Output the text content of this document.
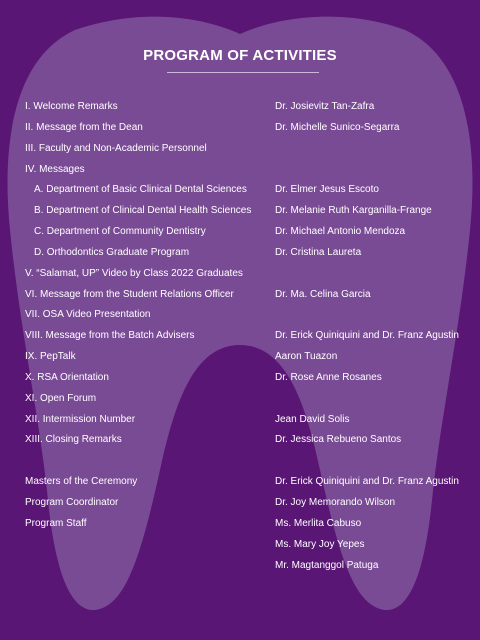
PROGRAM OF ACTIVITIES
I. Welcome Remarks	Dr. Josievitz Tan-Zafra
II. Message from the Dean	Dr. Michelle Sunico-Segarra
III. Faculty and Non-Academic Personnel
IV. Messages
A. Department of Basic Clinical Dental Sciences	Dr. Elmer Jesus Escoto
B. Department of Clinical Dental Health Sciences Dr. Melanie Ruth Karganilla-Frange
C. Department of Community Dentistry	Dr. Michael Antonio Mendoza
D. Orthodontics Graduate Program	Dr. Cristina Laureta
V. “Salamat, UP” Video by Class 2022 Graduates
VI. Message from the Student Relations Officer	Dr. Ma. Celina Garcia
VII. OSA Video Presentation
VIII. Message from the Batch Advisers	Dr. Erick Quiniquini and Dr. Franz Agustin
IX. PepTalk	Aaron Tuazon
X. RSA Orientation	Dr. Rose Anne Rosanes
XI. Open Forum
XII. Intermission Number	Jean David Solis
XIII. Closing Remarks	Dr. Jessica Rebueno Santos
Masters of the Ceremony	Dr. Erick Quiniquini and Dr. Franz Agustin
Program Coordinator	Dr. Joy Memorando Wilson
Program Staff	Ms. Merlita Cabuso
Ms. Mary Joy Yepes
Mr. Magtanggol Patuga
